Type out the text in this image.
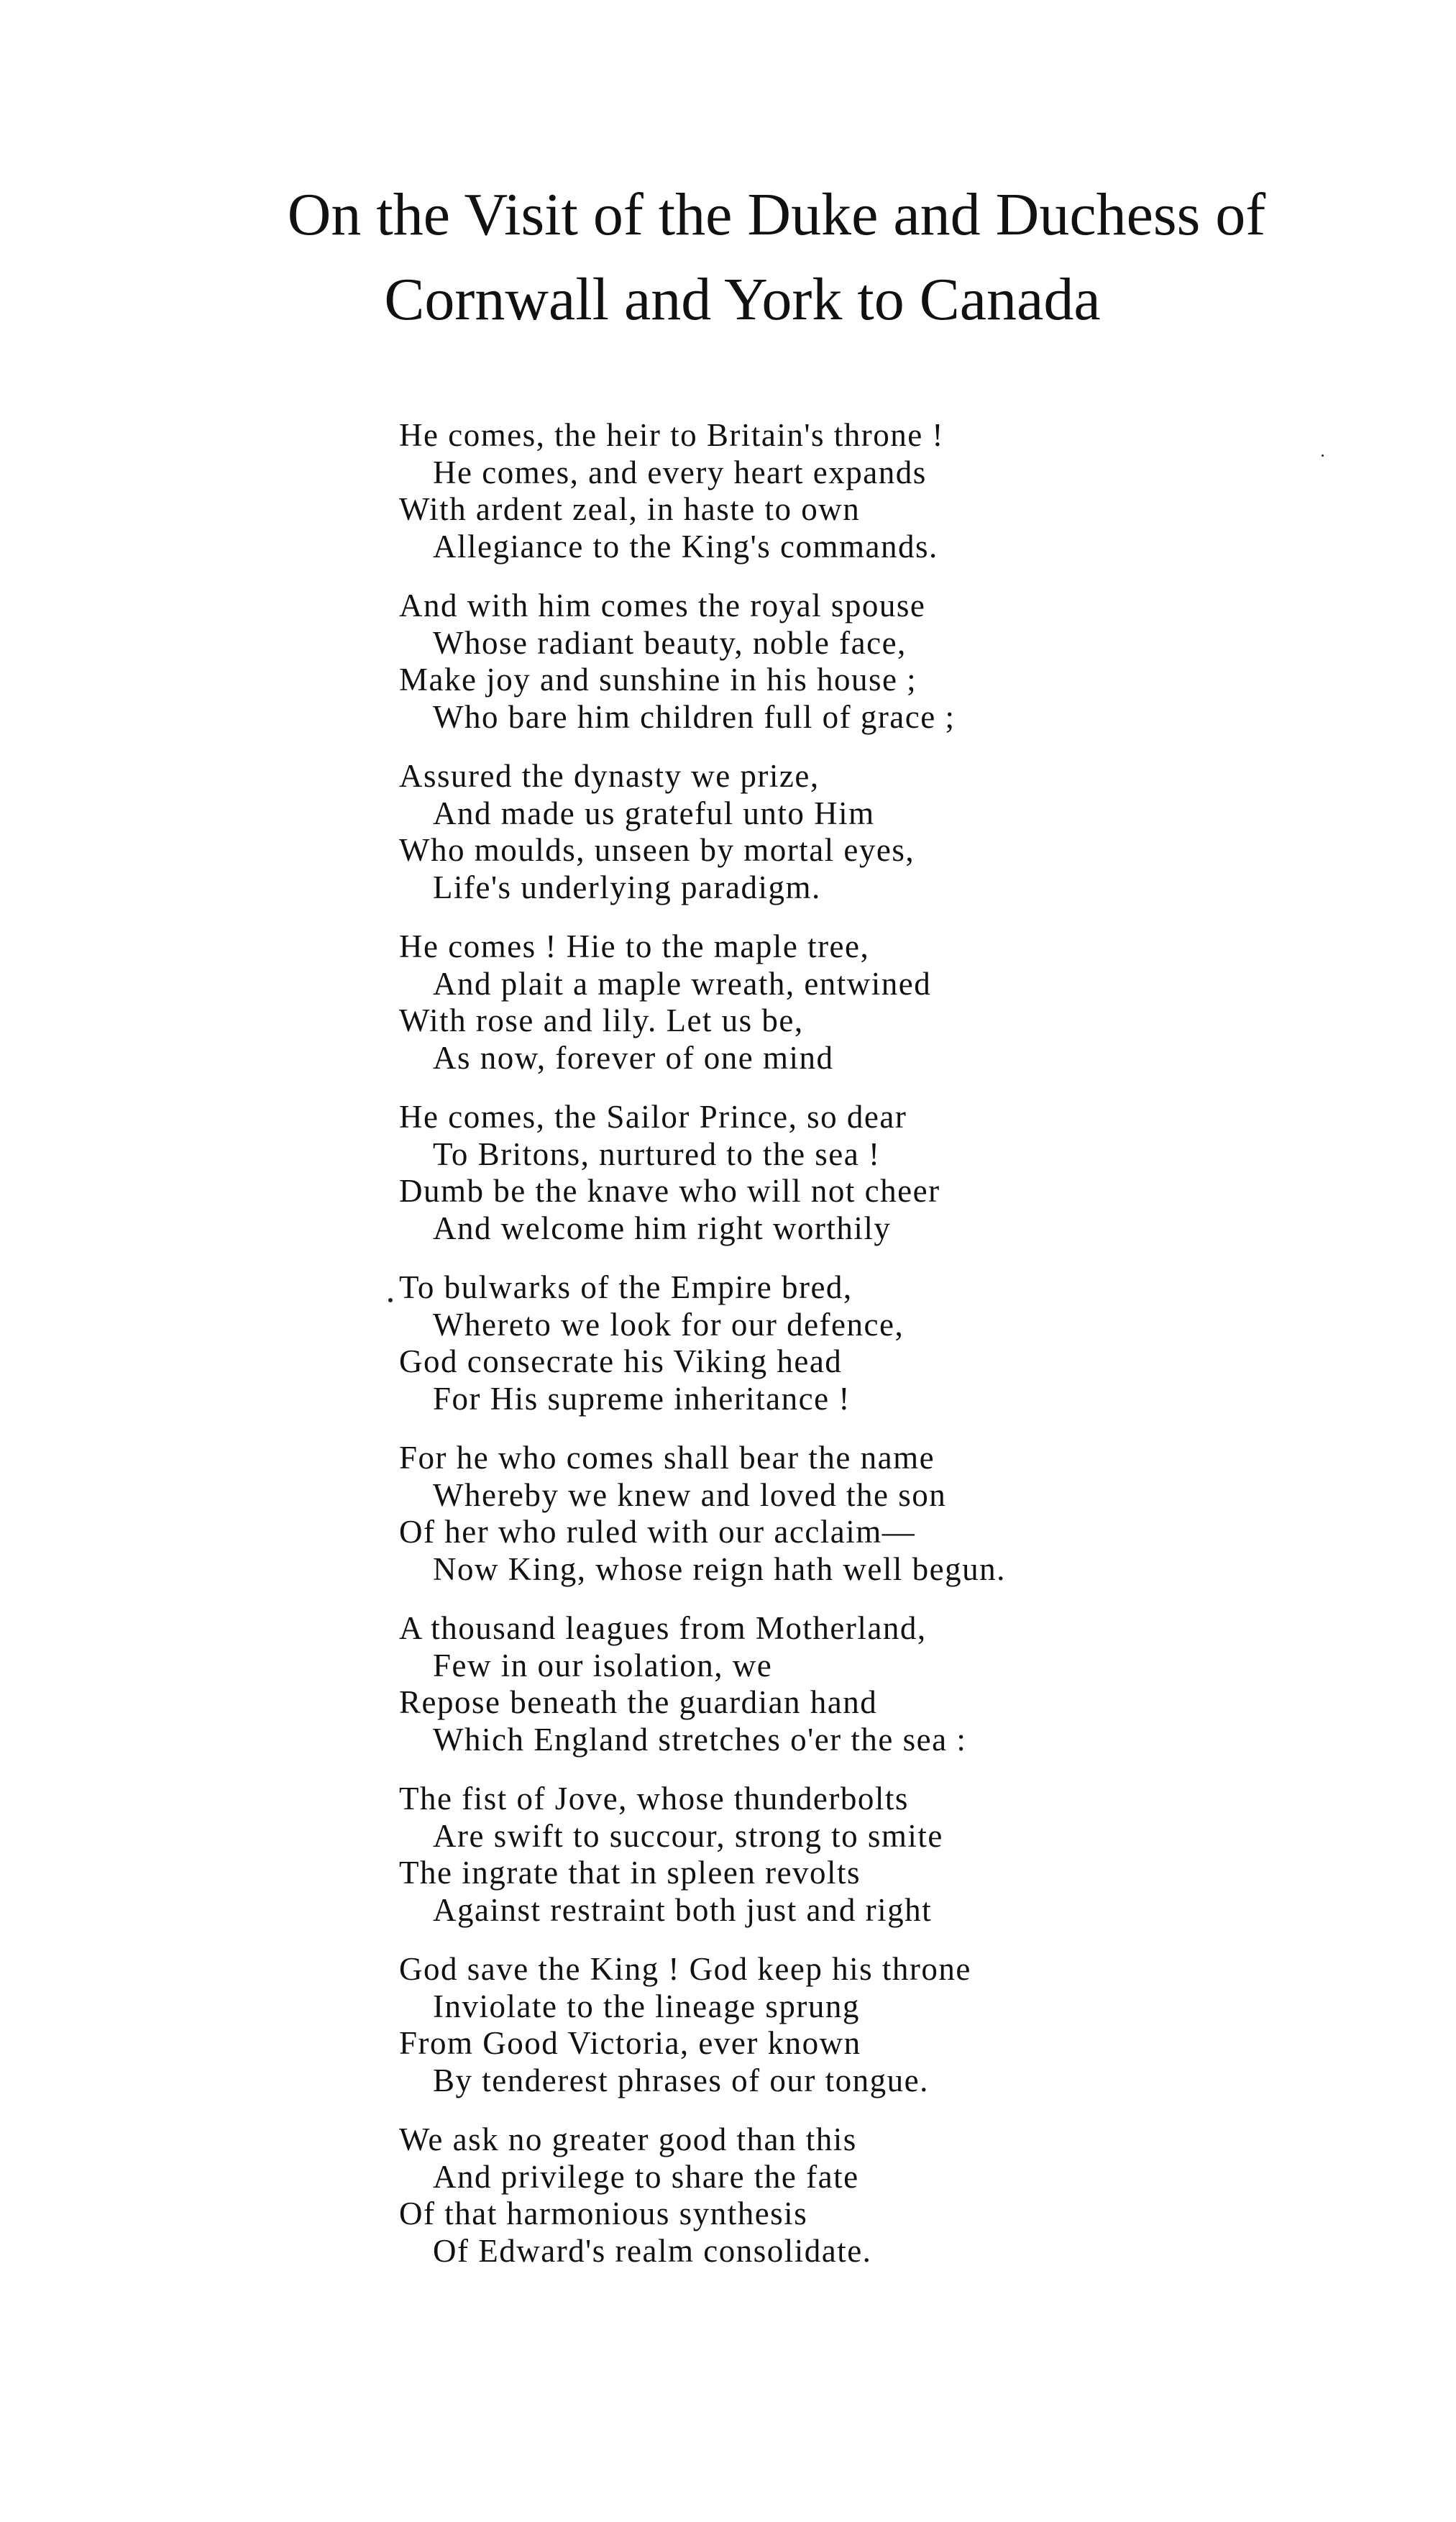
On the Visit of the Duke and Duchess of
Cornwall and York to Canada
He comes, the heir to Britain's throne !
He comes, and every heart expands
With ardent zeal, in haste to own
Allegiance to the King's commands.
And with him comes the royal spouse
Whose radiant beauty, noble face,
Make joy and sunshine in his house ;
Who bare him children full of grace ;
Assured the dynasty we prize,
And made us grateful unto Him
Who moulds, unseen by mortal eyes,
Life's underlying paradigm.
He comes ! Hie to the maple tree,
And plait a maple wreath, entwined
With rose and lily. Let us be,
As now, forever of one mind
He comes, the Sailor Prince, so dear
To Britons, nurtured to the sea !
Dumb be the knave who will not cheer
And welcome him right worthily
To bulwarks of the Empire bred,
Whereto we look for our defence,
God consecrate his Viking head
For His supreme inheritance !
For he who comes shall bear the name
Whereby we knew and loved the son
Of her who ruled with our acclaim—
Now King, whose reign hath well begun.
A thousand leagues from Motherland,
Few in our isolation, we
Repose beneath the guardian hand
Which England stretches o'er the sea :
The fist of Jove, whose thunderbolts
Are swift to succour, strong to smite
The ingrate that in spleen revolts
Against restraint both just and right
God save the King ! God keep his throne
Inviolate to the lineage sprung
From Good Victoria, ever known
By tenderest phrases of our tongue.
We ask no greater good than this
And privilege to share the fate
Of that harmonious synthesis
Of Edward's realm consolidate.
